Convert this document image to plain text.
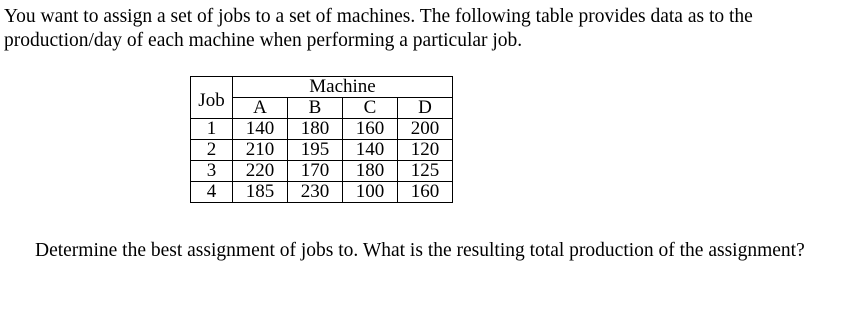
You want to assign a set of jobs to a set of machines. The following table provides data as to the
production/day of each machine when performing a particular job.

Job	Machine			
	A	B	C	D
1	140	180	160	200
2	210	195	140	120
3	220	170	180	125
4	185	230	100	160

Determine the best assignment of jobs to. What is the resulting total production of the assignment?
